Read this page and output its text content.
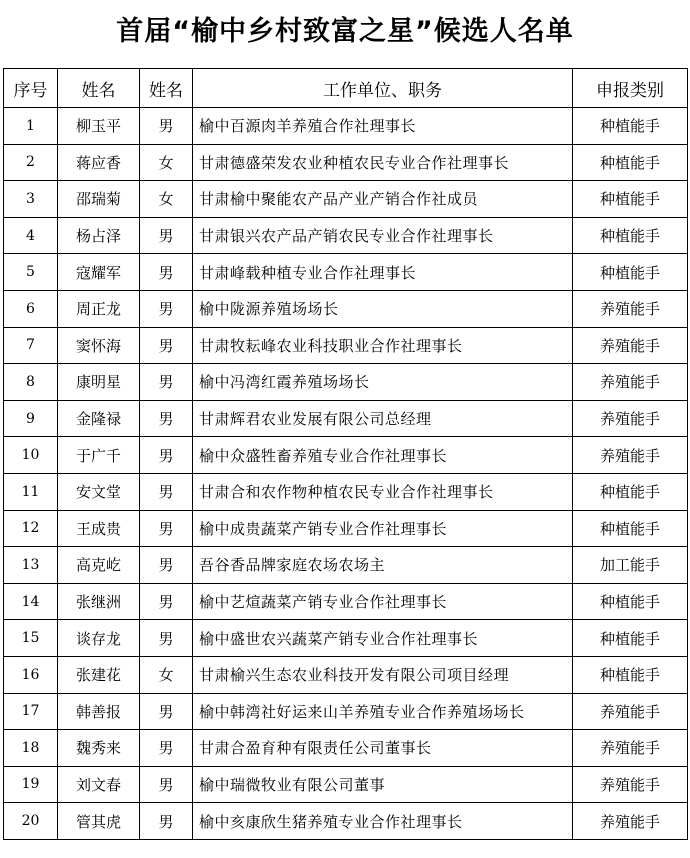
首届“榆中乡村致富之星”候选人名单
序号	姓名	姓名	工作单位、职务	申报类别
1	柳玉平	男	榆中百源肉羊养殖合作社理事长	种植能手
2	蒋应香	女	甘肃德盛荣发农业种植农民专业合作社理事长	种植能手
3	邵瑞菊	女	甘肃榆中聚能农产品产业产销合作社成员	种植能手
4	杨占泽	男	甘肃银兴农产品产销农民专业合作社理事长	种植能手
5	寇耀军	男	甘肃峰载种植专业合作社理事长	种植能手
6	周正龙	男	榆中陇源养殖场场长	养殖能手
7	窦怀海	男	甘肃牧耘峰农业科技职业合作社理事长	养殖能手
8	康明星	男	榆中冯湾红霞养殖场场长	养殖能手
9	金隆禄	男	甘肃辉君农业发展有限公司总经理	养殖能手
10	于广千	男	榆中众盛牲畜养殖专业合作社理事长	养殖能手
11	安文堂	男	甘肃合和农作物种植农民专业合作社理事长	种植能手
12	王成贵	男	榆中成贵蔬菜产销专业合作社理事长	种植能手
13	高克屹	男	吾谷香品牌家庭农场农场主	加工能手
14	张继洲	男	榆中艺煊蔬菜产销专业合作社理事长	种植能手
15	谈存龙	男	榆中盛世农兴蔬菜产销专业合作社理事长	种植能手
16	张建花	女	甘肃榆兴生态农业科技开发有限公司项目经理	种植能手
17	韩善报	男	榆中韩湾社好运来山羊养殖专业合作养殖场场长	养殖能手
18	魏秀来	男	甘肃合盈育种有限责任公司董事长	养殖能手
19	刘文春	男	榆中瑞微牧业有限公司董事	养殖能手
20	管其虎	男	榆中亥康欣生猪养殖专业合作社理事长	养殖能手
